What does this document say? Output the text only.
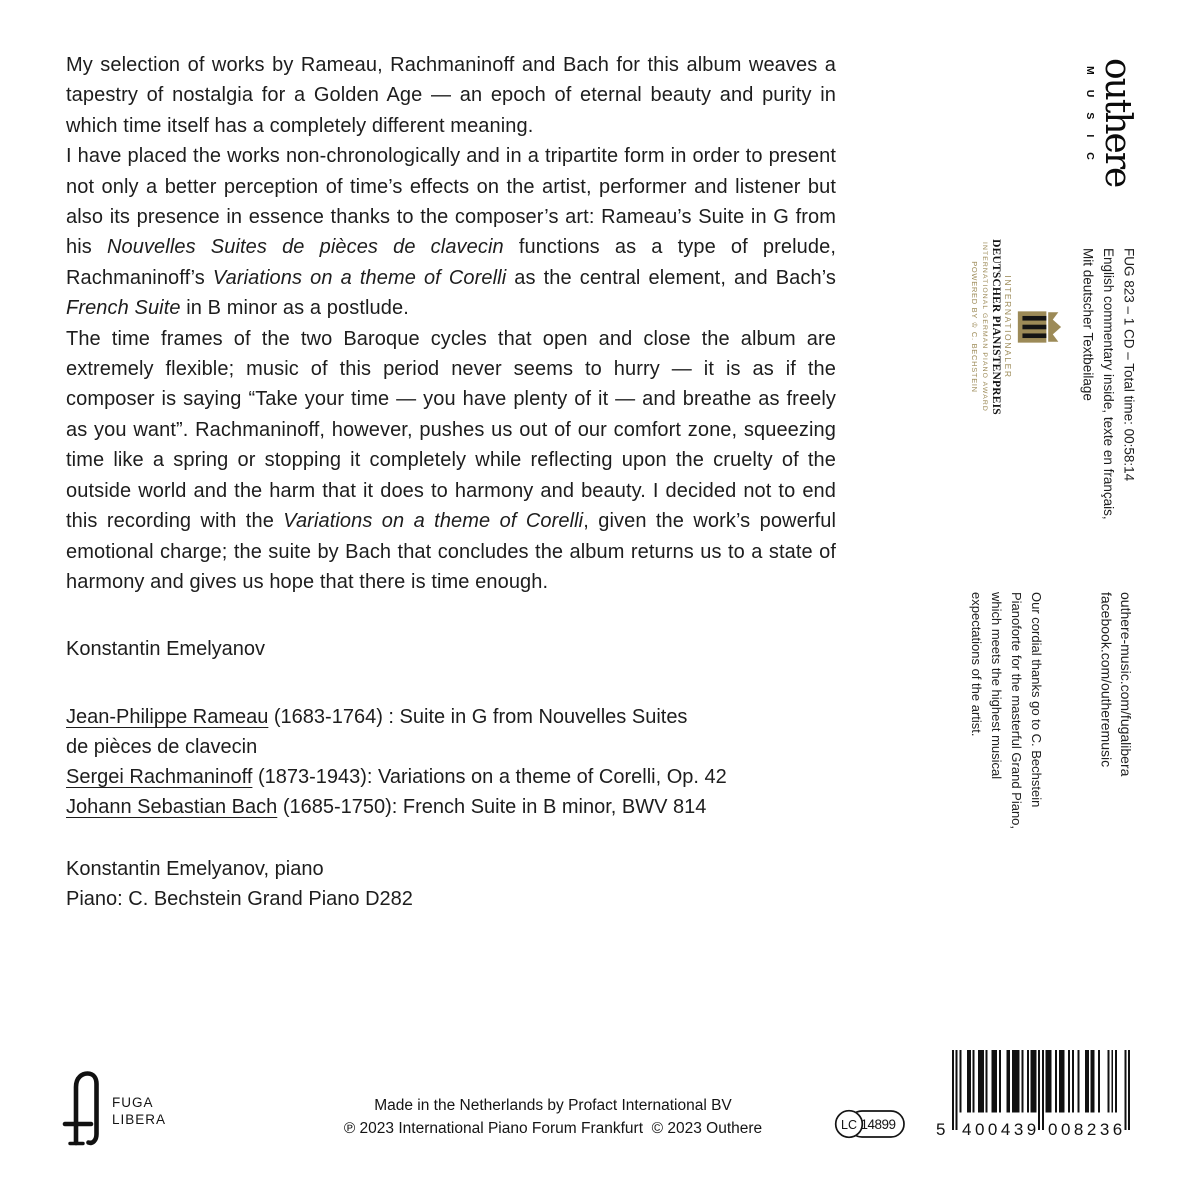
My selection of works by Rameau, Rachmaninoff and Bach for this album weaves a tapestry of nostalgia for a Golden Age — an epoch of eternal beauty and purity in which time itself has a completely different meaning.

I have placed the works non-chronologically and in a tripartite form in order to present not only a better perception of time’s effects on the artist, performer and listener but also its presence in essence thanks to the composer’s art: Rameau’s Suite in G from his Nouvelles Suites de pièces de clavecin functions as a type of prelude, Rachmaninoff’s Variations on a theme of Corelli as the central element, and Bach’s French Suite in B minor as a postlude.

The time frames of the two Baroque cycles that open and close the album are extremely flexible; music of this period never seems to hurry — it is as if the composer is saying “Take your time — you have plenty of it — and breathe as freely as you want”. Rachmaninoff, however, pushes us out of our comfort zone, squeezing time like a spring or stopping it completely while reflecting upon the cruelty of the outside world and the harm that it does to harmony and beauty. I decided not to end this recording with the Variations on a theme of Corelli, given the work’s powerful emotional charge; the suite by Bach that concludes the album returns us to a state of harmony and gives us hope that there is time enough.

Konstantin Emelyanov
Jean-Philippe Rameau (1683-1764) : Suite in G from Nouvelles Suites
de pièces de clavecin
Sergei Rachmaninoff (1873-1943): Variations on a theme of Corelli, Op. 42
Johann Sebastian Bach (1685-1750): French Suite in B minor, BWV 814
Konstantin Emelyanov, piano
Piano: C. Bechstein Grand Piano D282
outhere
MUSIC
INTERNATIONALER
DEUTSCHER PIANISTENPREIS
INTERNATIONAL GERMAN PIANO AWARD
POWERED BY ♔ C. BECHSTEIN	FUG 823 – 1 CD – Total time: 00:58:14
English commentary inside, texte en français,
Mit deutscher Textbeilage
outhere-music.com/fugalibera
facebook.com/outheremusic
Our cordial thanks go to C. Bechstein
Pianoforte for the masterful Grand Piano,
which meets the highest musical
expectations of the artist.
FUGA
LIBERA
Made in the Netherlands by Profact International BV
℗ 2023 International Piano Forum Frankfurt  © 2023 Outhere	LC 14899 5 400439 008236
